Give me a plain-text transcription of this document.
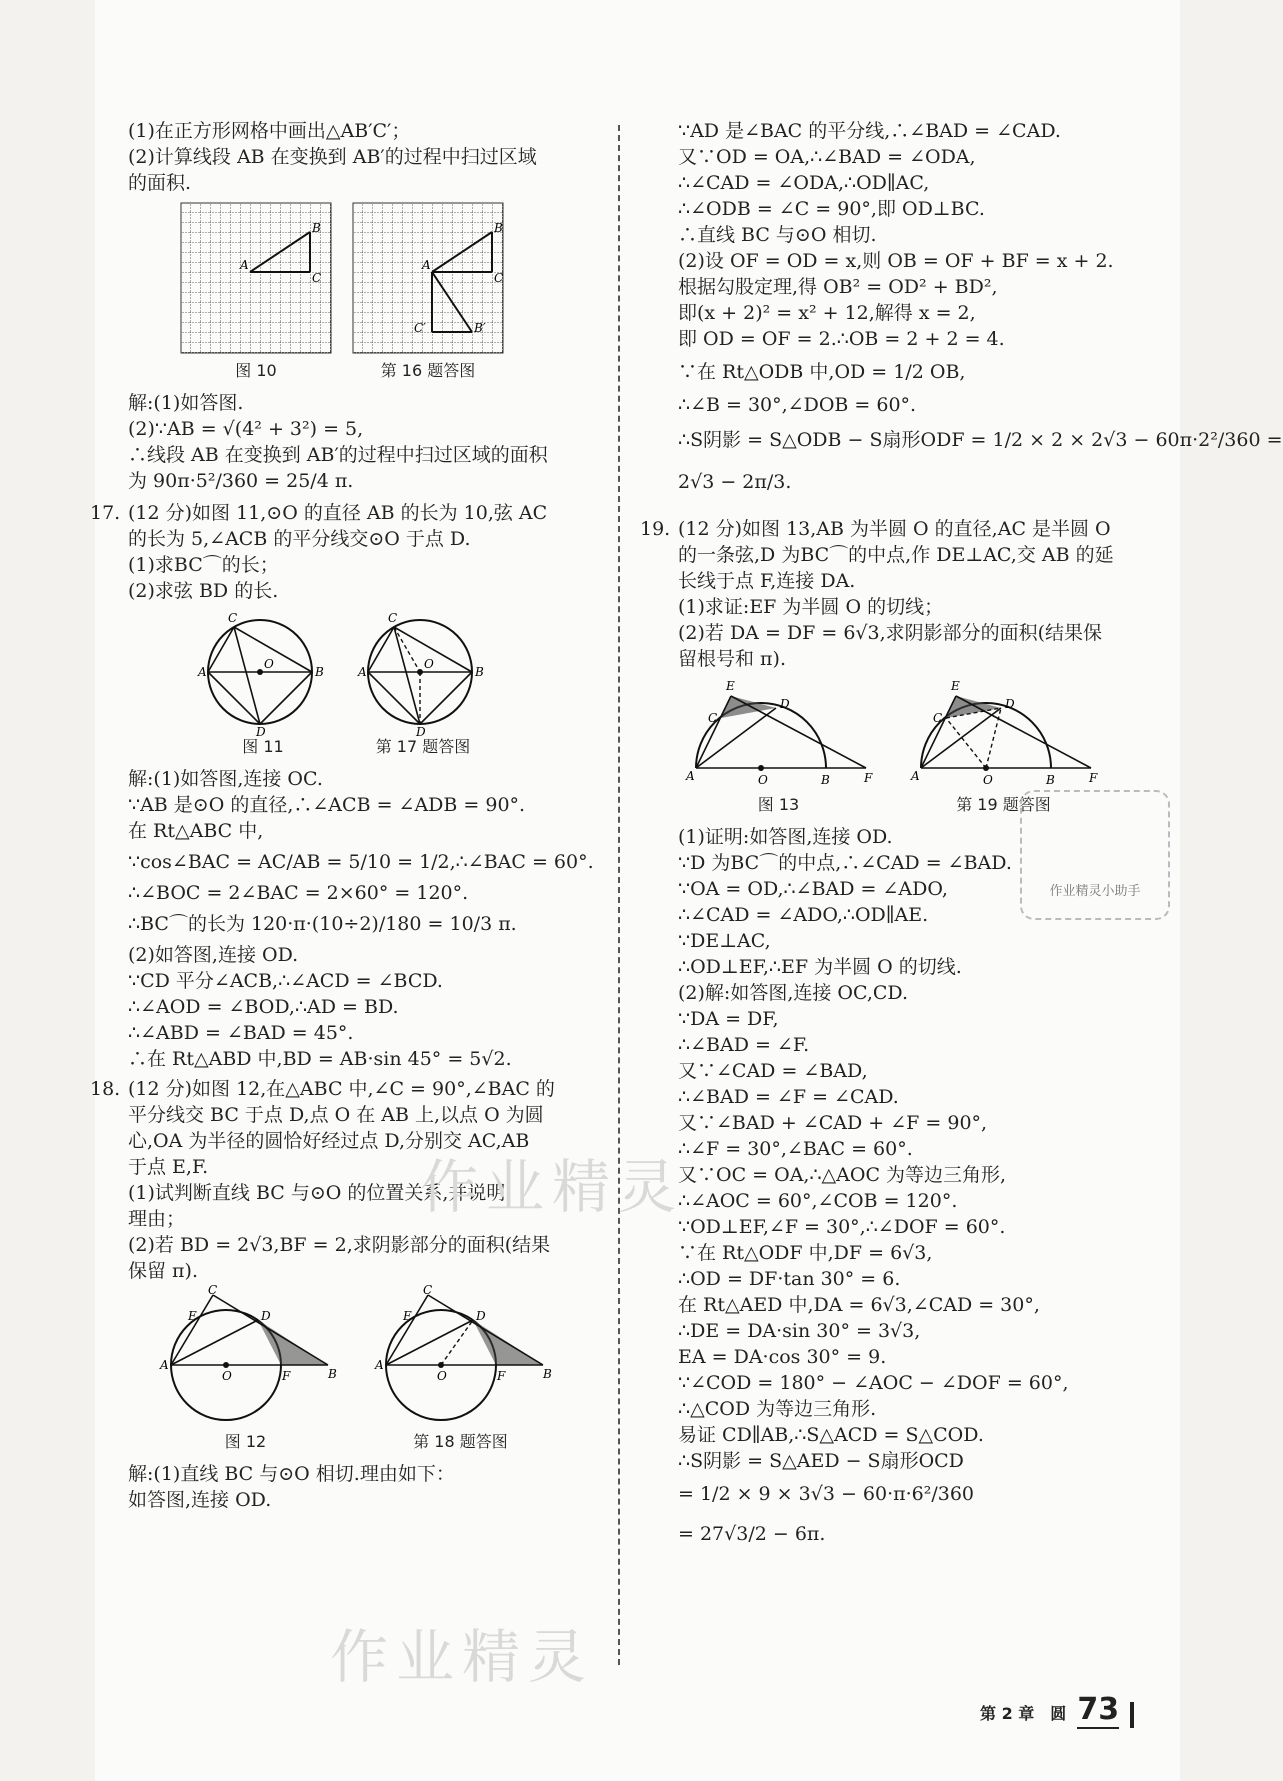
(1)在正方形网格中画出△AB′C′；
(2)计算线段 AB 在变换到 AB′的过程中扫过区域
的面积.
A
B
C
图 10
A
B
C
C′	B′
第 16 题答图
解:(1)如答图.
(2)∵AB = √(4² + 3²) = 5,
∴线段 AB 在变换到 AB′的过程中扫过区域的面积
为 90π·5²/360 = 25/4 π.
17. (12 分)如图 11,⊙O 的直径 AB 的长为 10,弦 AC
的长为 5,∠ACB 的平分线交⊙O 于点 D.
(1)求BC⌒的长；
(2)求弦 BD 的长.
A	B
C
D
O
图 11
A	B
C
D
O
第 17 题答图
解:(1)如答图,连接 OC.
∵AB 是⊙O 的直径,∴∠ACB = ∠ADB = 90°.
在 Rt△ABC 中,
∵cos∠BAC = AC/AB = 5/10 = 1/2,∴∠BAC = 60°.
∴∠BOC = 2∠BAC = 2×60° = 120°.
∴BC⌒的长为 120·π·(10÷2)/180 = 10/3 π.
(2)如答图,连接 OD.
∵CD 平分∠ACB,∴∠ACD = ∠BCD.
∴∠AOD = ∠BOD,∴AD = BD.
∴∠ABD = ∠BAD = 45°.
∴在 Rt△ABD 中,BD = AB·sin 45° = 5√2.
18. (12 分)如图 12,在△ABC 中,∠C = 90°,∠BAC 的
平分线交 BC 于点 D,点 O 在 AB 上,以点 O 为圆
心,OA 为半径的圆恰好经过点 D,分别交 AC,AB
于点 E,F.
(1)试判断直线 BC 与⊙O 的位置关系,并说明
理由；
(2)若 BD = 2√3,BF = 2,求阴影部分的面积(结果
保留 π).
A
B
C
D
E
F
O
图 12
A
B
C
D
E
F
O
第 18 题答图
解:(1)直线 BC 与⊙O 相切.理由如下：
如答图,连接 OD.
∵AD 是∠BAC 的平分线,∴∠BAD = ∠CAD.
又∵OD = OA,∴∠BAD = ∠ODA,
∴∠CAD = ∠ODA,∴OD∥AC,
∴∠ODB = ∠C = 90°,即 OD⊥BC.
∴直线 BC 与⊙O 相切.
(2)设 OF = OD = x,则 OB = OF + BF = x + 2.
根据勾股定理,得 OB² = OD² + BD²,
即(x + 2)² = x² + 12,解得 x = 2,
即 OD = OF = 2.∴OB = 2 + 2 = 4.
∵在 Rt△ODB 中,OD = 1/2 OB,
∴∠B = 30°,∠DOB = 60°.
∴S阴影 = S△ODB − S扇形ODF = 1/2 × 2 × 2√3 − 60π·2²/360 =
2√3 − 2π/3.
19. (12 分)如图 13,AB 为半圆 O 的直径,AC 是半圆 O
的一条弦,D 为BC⌒的中点,作 DE⊥AC,交 AB 的延
长线于点 F,连接 DA.
(1)求证:EF 为半圆 O 的切线；
(2)若 DA = DF = 6√3,求阴影部分的面积(结果保
留根号和 π).
A	O	B	F
C
E
D
图 13
A	O	B	F
C
E
D
第 19 题答图
(1)证明:如答图,连接 OD.
∵D 为BC⌒的中点,∴∠CAD = ∠BAD.
∵OA = OD,∴∠BAD = ∠ADO,
∴∠CAD = ∠ADO,∴OD∥AE.
∵DE⊥AC,
∴OD⊥EF,∴EF 为半圆 O 的切线.
(2)解:如答图,连接 OC,CD.
∵DA = DF,
∴∠BAD = ∠F.
又∵∠CAD = ∠BAD,
∴∠BAD = ∠F = ∠CAD.
又∵∠BAD + ∠CAD + ∠F = 90°,
∴∠F = 30°,∠BAC = 60°.
又∵OC = OA,∴△AOC 为等边三角形,
∴∠AOC = 60°,∠COB = 120°.
∵OD⊥EF,∠F = 30°,∴∠DOF = 60°.
∵在 Rt△ODF 中,DF = 6√3,
∴OD = DF·tan 30° = 6.
在 Rt△AED 中,DA = 6√3,∠CAD = 30°,
∴DE = DA·sin 30° = 3√3,
EA = DA·cos 30° = 9.
∵∠COD = 180° − ∠AOC − ∠DOF = 60°,
∴△COD 为等边三角形.
易证 CD∥AB,∴S△ACD = S△COD.
∴S阴影 = S△AED − S扇形OCD
= 1/2 × 9 × 3√3 − 60·π·6²/360
= 27√3/2 − 6π.
作业精灵
作业精灵
作业精灵小助手
第 2 章　圆 73
